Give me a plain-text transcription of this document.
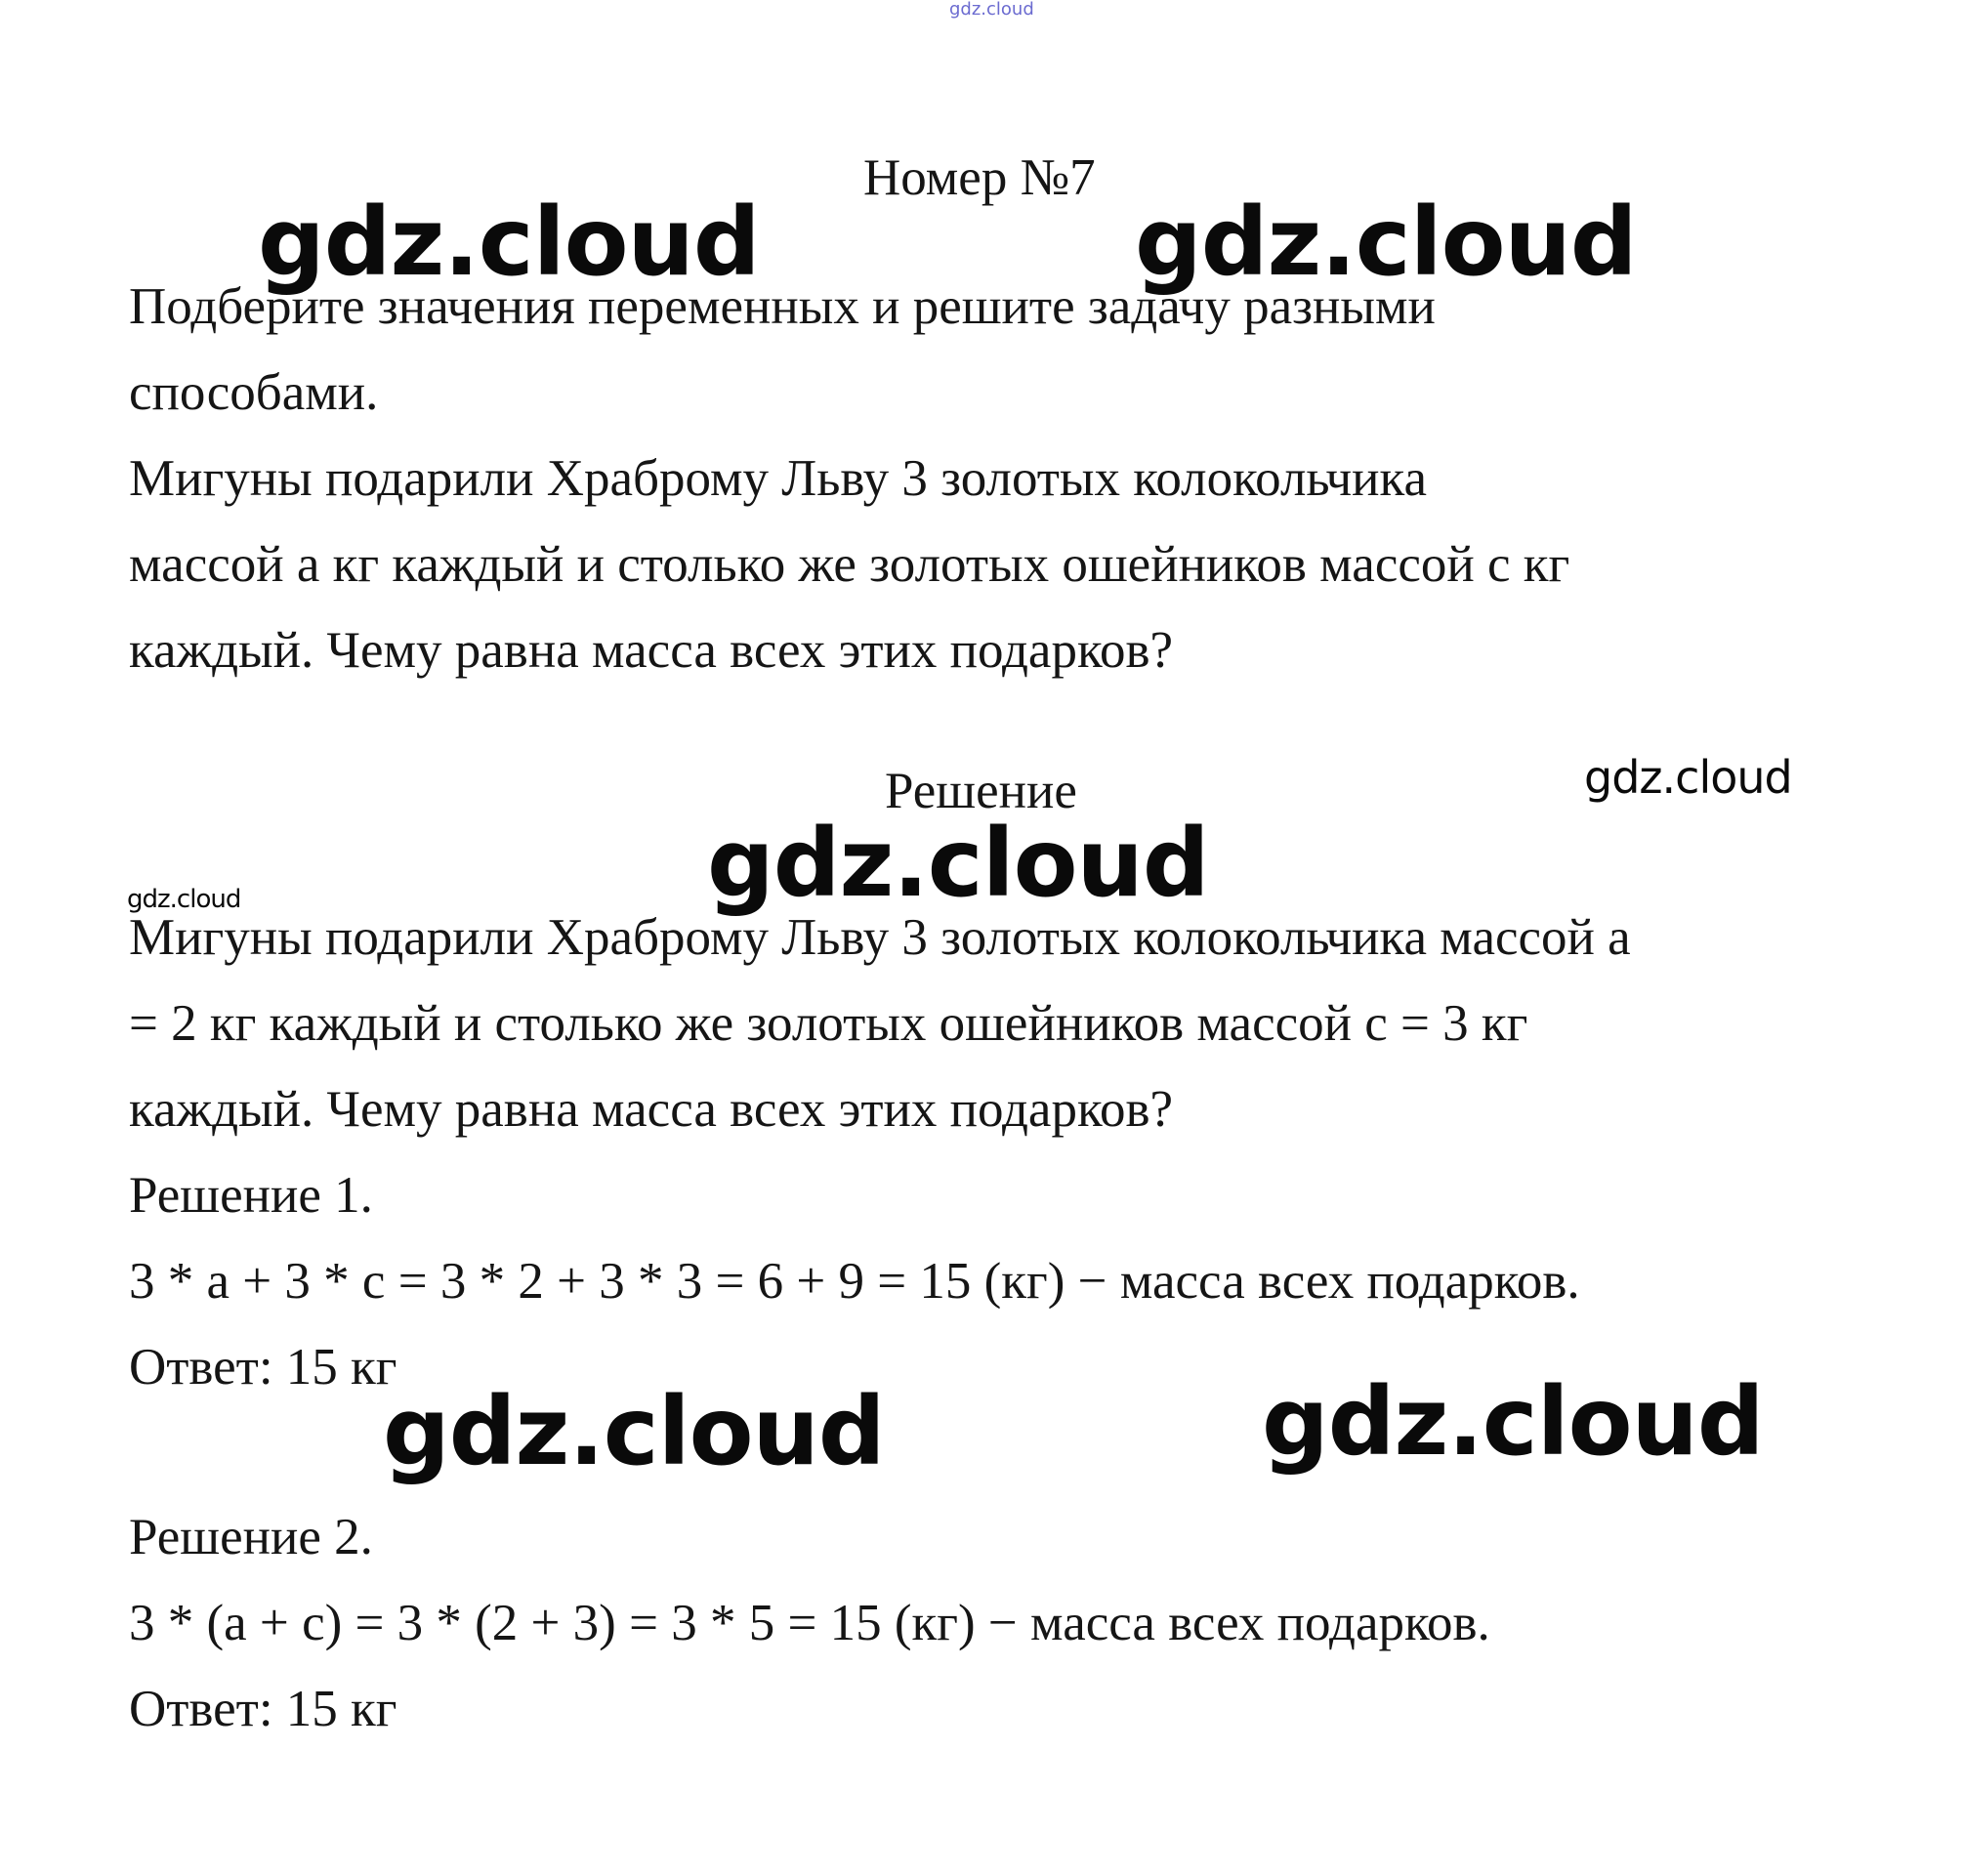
gdz.cloud
Номер №7
gdz.cloud	gdz.cloud
Подберите значения переменных и решите задачу разными
способами.
Мигуны подарили Храброму Льву 3 золотых колокольчика
массой a кг каждый и столько же золотых ошейников массой c кг
каждый. Чему равна масса всех этих подарков?
Решение	gdz.cloud
gdz.cloud
gdz.cloud
Мигуны подарили Храброму Льву 3 золотых колокольчика массой a
= 2 кг каждый и столько же золотых ошейников массой c = 3 кг
каждый. Чему равна масса всех этих подарков?
Решение 1.
3 * a + 3 * c = 3 * 2 + 3 * 3 = 6 + 9 = 15 (кг) − масса всех подарков.
Ответ: 15 кг
gdz.cloud	gdz.cloud
Решение 2.
3 * (a + c) = 3 * (2 + 3) = 3 * 5 = 15 (кг) − масса всех подарков.
Ответ: 15 кг
